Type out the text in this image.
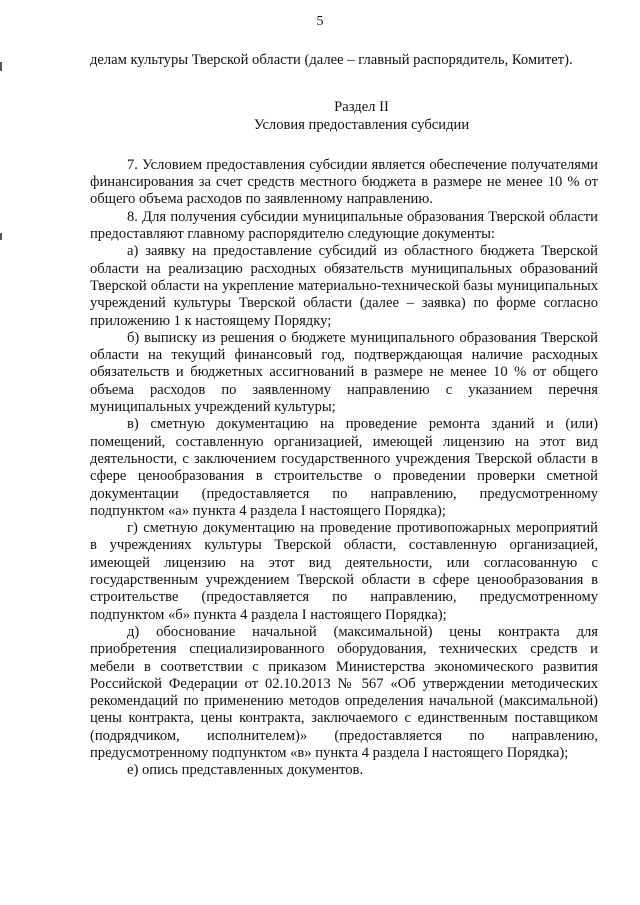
5

делам культуры Тверской области (далее – главный распорядитель, Комитет).

Раздел II

Условия предоставления субсидии

7. Условием предоставления субсидии является обеспечение получателями финансирования за счет средств местного бюджета в размере не менее 10 % от общего объема расходов по заявленному направлению.

8. Для получения субсидии муниципальные образования Тверской области предоставляют главному распорядителю следующие документы:

а) заявку на предоставление субсидий из областного бюджета Тверской области на реализацию расходных обязательств муниципальных образований Тверской области на укрепление материально-технической базы муниципальных учреждений культуры Тверской области (далее – заявка) по форме согласно приложению 1 к настоящему Порядку;

б) выписку из решения о бюджете муниципального образования Тверской области на текущий финансовый год, подтверждающая наличие расходных обязательств и бюджетных ассигнований в размере не менее 10 % от общего объема расходов по заявленному направлению с указанием перечня муниципальных учреждений культуры;

в) сметную документацию на проведение ремонта зданий и (или) помещений, составленную организацией, имеющей лицензию на этот вид деятельности, с заключением государственного учреждения Тверской области в сфере ценообразования в строительстве о проведении проверки сметной документации (предоставляется по направлению, предусмотренному подпунктом «а» пункта 4 раздела I настоящего Порядка);

г) сметную документацию на проведение противопожарных мероприятий в учреждениях культуры Тверской области, составленную организацией, имеющей лицензию на этот вид деятельности, или согласованную с государственным учреждением Тверской области в сфере ценообразования в строительстве (предоставляется по направлению, предусмотренному подпунктом «б» пункта 4 раздела I настоящего Порядка);

д) обоснование начальной (максимальной) цены контракта для приобретения специализированного оборудования, технических средств и мебели в соответствии с приказом Министерства экономического развития Российской Федерации от 02.10.2013 № 567 «Об утверждении методических рекомендаций по применению методов определения начальной (максимальной) цены контракта, цены контракта, заключаемого с единственным поставщиком (подрядчиком, исполнителем)» (предоставляется по направлению, предусмотренному подпунктом «в» пункта 4 раздела I настоящего Порядка);

е) опись представленных документов.
